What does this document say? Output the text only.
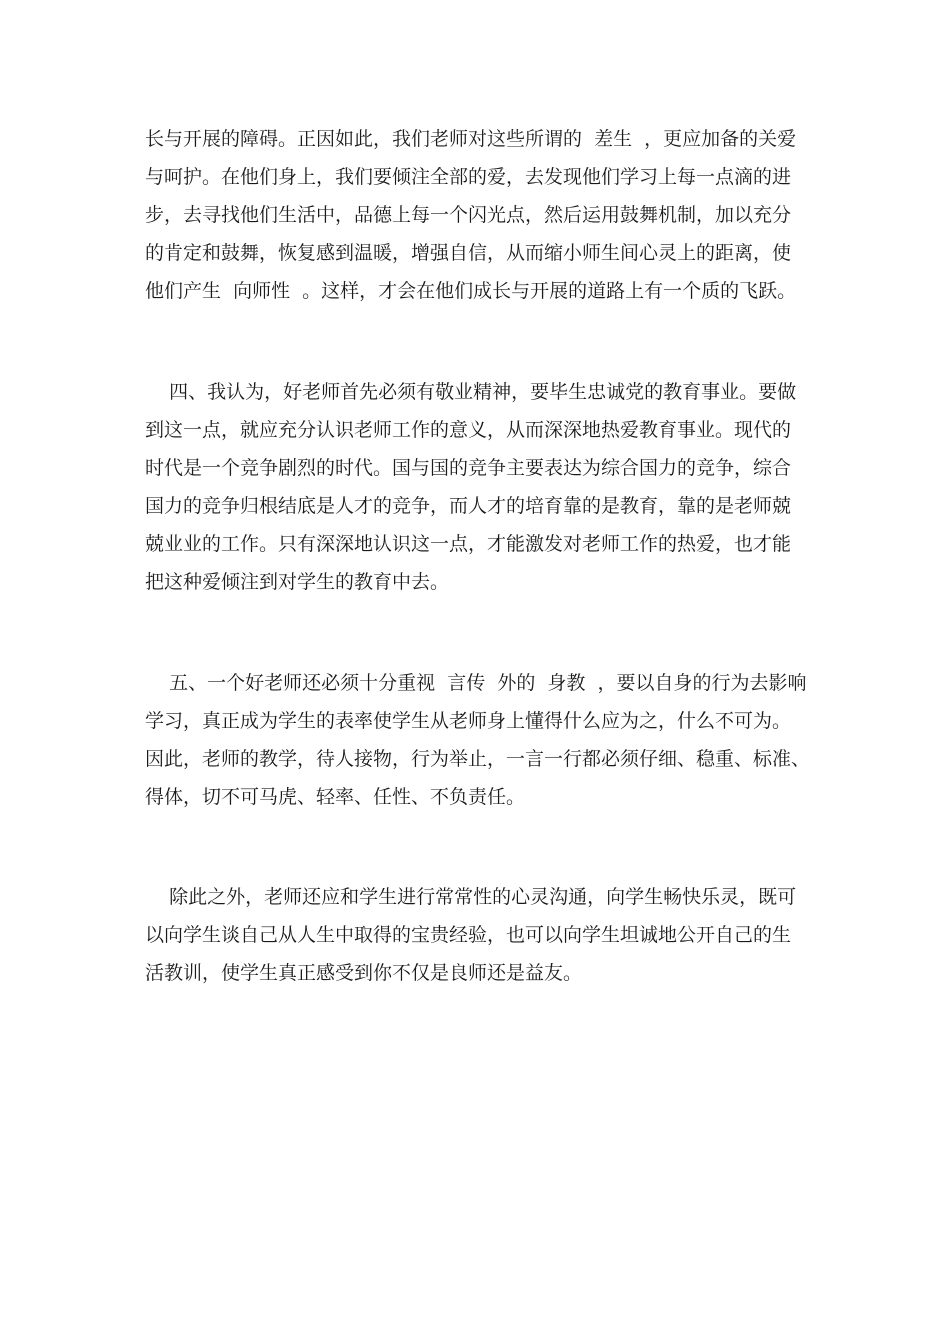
长与开展的障碍。正因如此，我们老师对这些所谓的  差生  ，更应加备的关爱

与呵护。在他们身上，我们要倾注全部的爱，去发现他们学习上每一点滴的进

步，去寻找他们生活中，品德上每一个闪光点，然后运用鼓舞机制，加以充分

的肯定和鼓舞，恢复感到温暖，增强自信，从而缩小师生间心灵上的距离，使

他们产生  向师性  。这样，才会在他们成长与开展的道路上有一个质的飞跃。

四、我认为，好老师首先必须有敬业精神，要毕生忠诚党的教育事业。要做

到这一点，就应充分认识老师工作的意义，从而深深地热爱教育事业。现代的

时代是一个竞争剧烈的时代。国与国的竞争主要表达为综合国力的竞争，综合

国力的竞争归根结底是人才的竞争，而人才的培育靠的是教育，靠的是老师兢

兢业业的工作。只有深深地认识这一点，才能激发对老师工作的热爱，也才能

把这种爱倾注到对学生的教育中去。

五、一个好老师还必须十分重视  言传  外的  身教  ，要以自身的行为去影响

学习，真正成为学生的表率使学生从老师身上懂得什么应为之，什么不可为。

因此，老师的教学，待人接物，行为举止，一言一行都必须仔细、稳重、标准、

得体，切不可马虎、轻率、任性、不负责任。

除此之外，老师还应和学生进行常常性的心灵沟通，向学生畅快乐灵，既可

以向学生谈自己从人生中取得的宝贵经验，也可以向学生坦诚地公开自己的生

活教训，使学生真正感受到你不仅是良师还是益友。
